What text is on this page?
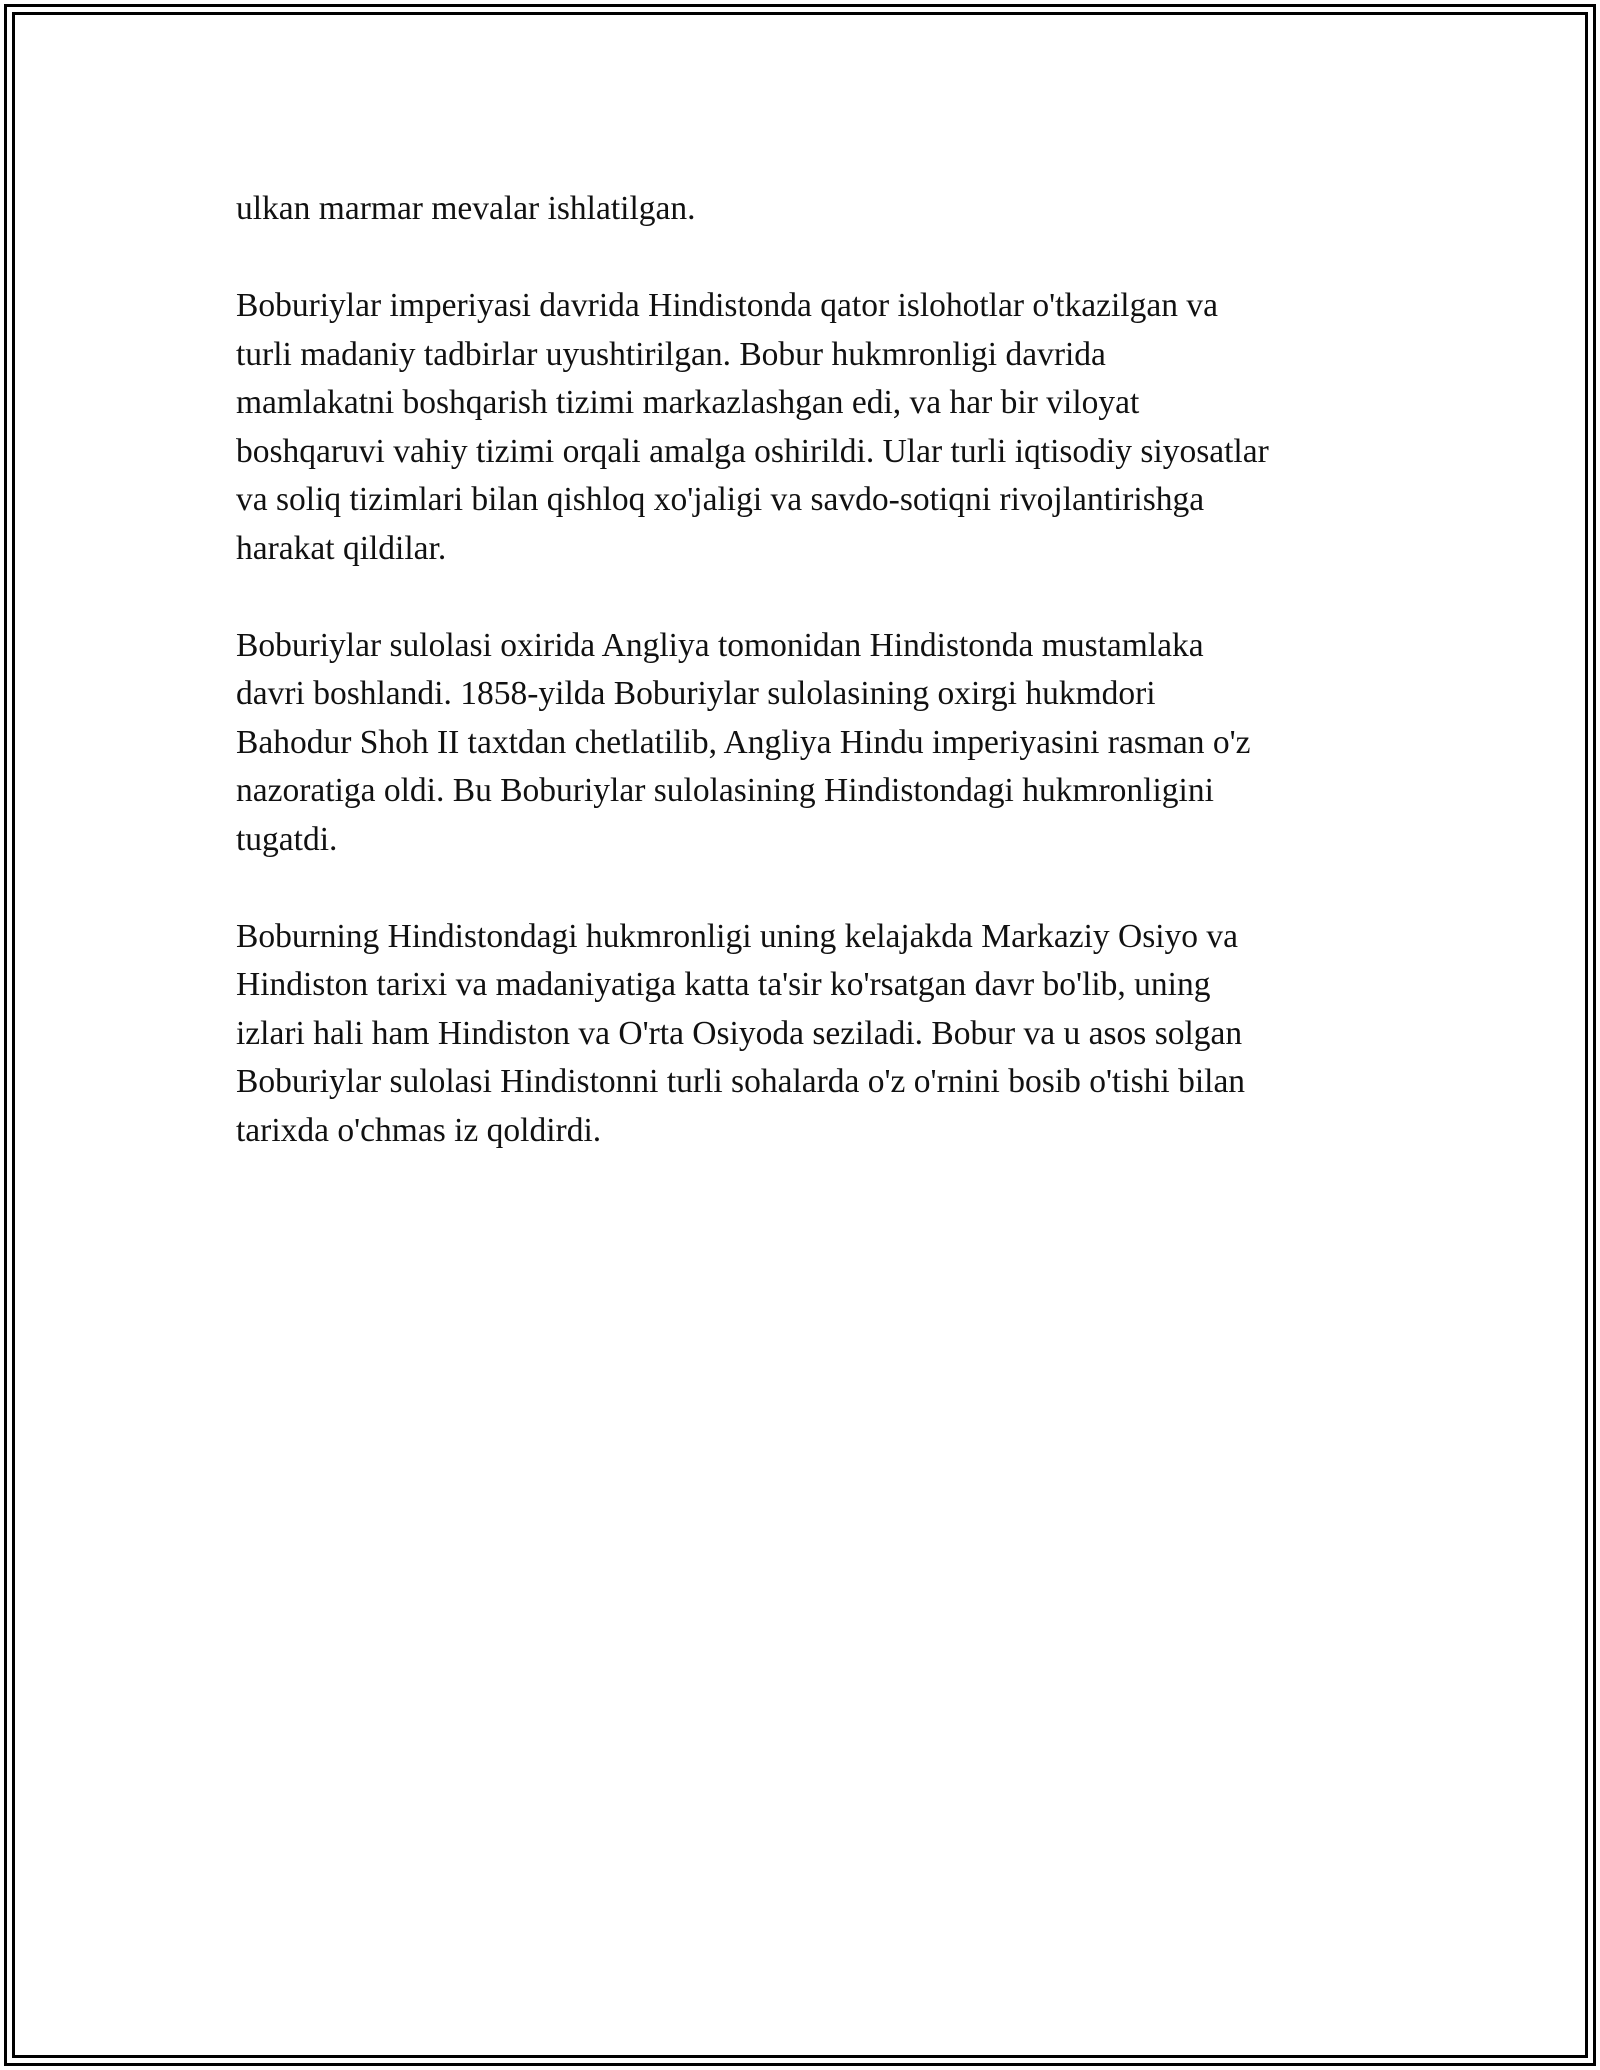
ulkan marmar mevalar ishlatilgan.

Boburiylar imperiyasi davrida Hindistonda qator islohotlar o'tkazilgan va
turli madaniy tadbirlar uyushtirilgan. Bobur hukmronligi davrida
mamlakatni boshqarish tizimi markazlashgan edi, va har bir viloyat
boshqaruvi vahiy tizimi orqali amalga oshirildi. Ular turli iqtisodiy siyosatlar
va soliq tizimlari bilan qishloq xo'jaligi va savdo-sotiqni rivojlantirishga
harakat qildilar.

Boburiylar sulolasi oxirida Angliya tomonidan Hindistonda mustamlaka
davri boshlandi. 1858-yilda Boburiylar sulolasining oxirgi hukmdori
Bahodur Shoh II taxtdan chetlatilib, Angliya Hindu imperiyasini rasman o'z
nazoratiga oldi. Bu Boburiylar sulolasining Hindistondagi hukmronligini
tugatdi.

Boburning Hindistondagi hukmronligi uning kelajakda Markaziy Osiyo va
Hindiston tarixi va madaniyatiga katta ta'sir ko'rsatgan davr bo'lib, uning
izlari hali ham Hindiston va O'rta Osiyoda seziladi. Bobur va u asos solgan
Boburiylar sulolasi Hindistonni turli sohalarda o'z o'rnini bosib o'tishi bilan
tarixda o'chmas iz qoldirdi.
